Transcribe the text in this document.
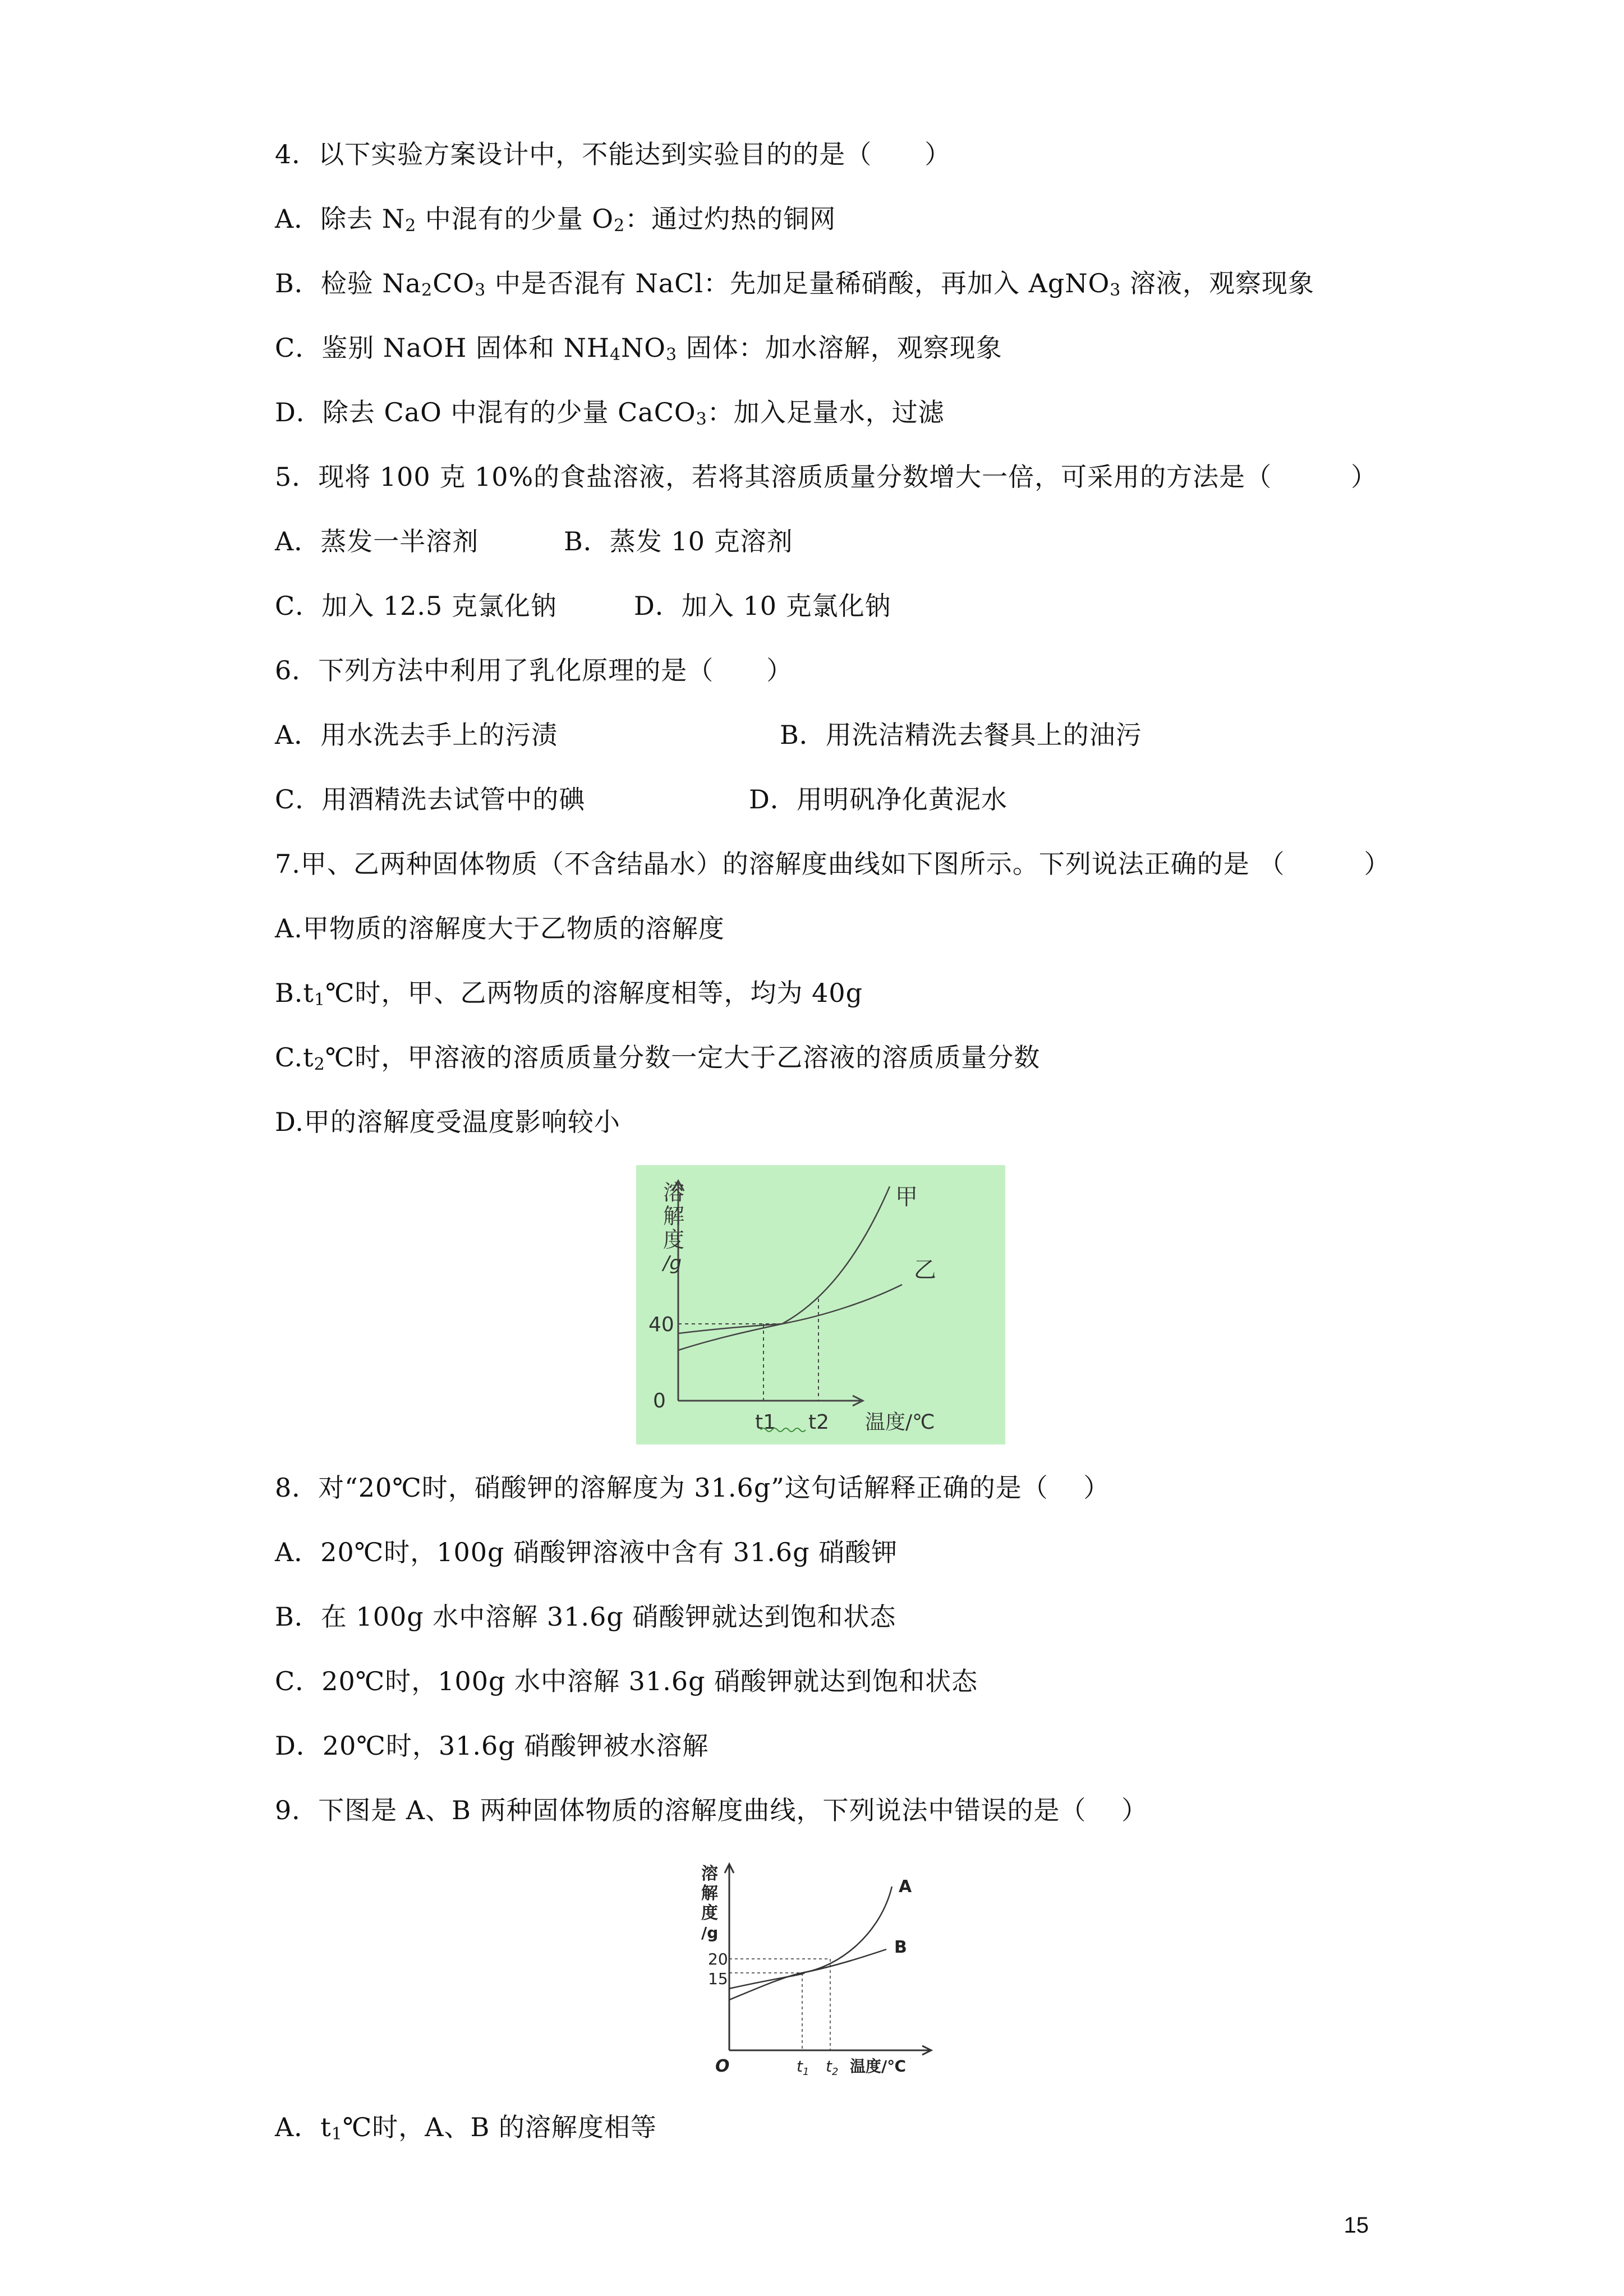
4．以下实验方案设计中，不能达到实验目的的是（　　）
A．除去 $N_2$ 中混有的少量 $O_2$：通过灼热的铜网
B．检验 $Na_2CO_3$ 中是否混有 NaCl：先加足量稀硝酸，再加入 AgNO$_3$ 溶液，观察现象
C．鉴别 NaOH 固体和 $NH_4NO_3$ 固体：加水溶解，观察现象
D．除去 CaO 中混有的少量 CaCO$_3$：加入足量水，过滤
5．现将 100 克 10%的食盐溶液，若将其溶质质量分数增大一倍，可采用的方法是（　　　）

A．蒸发一半溶剂

	B．蒸发 10 克溶剂

C．加入 12.5 克氯化钠

	D．加入 10 克氯化钠

6．下列方法中利用了乳化原理的是（　　）

A．用水洗去手上的污渍

	B．用洗洁精洗去餐具上的油污

C．用酒精洗去试管中的碘

	D．用明矾净化黄泥水

7.甲、乙两种固体物质（不含结晶水）的溶解度曲线如下图所示。下列说法正确的是 （　　　）
A.甲物质的溶解度大于乙物质的溶解度
$B.t_1℃$时，甲、乙两物质的溶解度相等，均为 40g
$C.t_2℃$时，甲溶液的溶质质量分数一定大于乙溶液的溶质质量分数
D.甲的溶解度受温度影响较小
溶
解
度
/g
40
0
t1 t2 温度/℃
甲
乙
8．对“20℃时，硝酸钾的溶解度为 31.6g”这句话解释正确的是（　 ）
A．20℃时，100g 硝酸钾溶液中含有 31.6g 硝酸钾
B．在 100g 水中溶解 31.6g 硝酸钾就达到饱和状态
C．20℃时，100g 水中溶解 31.6g 硝酸钾就达到饱和状态
D．20℃时，31.6g 硝酸钾被水溶解
9．下图是 A、B 两种固体物质的溶解度曲线，下列说法中错误的是（　 ）
溶
解
度
/g
20
15
O	$t_1$ $t_2$ 温度/℃
A
B
A．$t_1℃$时，A、B 的溶解度相等
15
